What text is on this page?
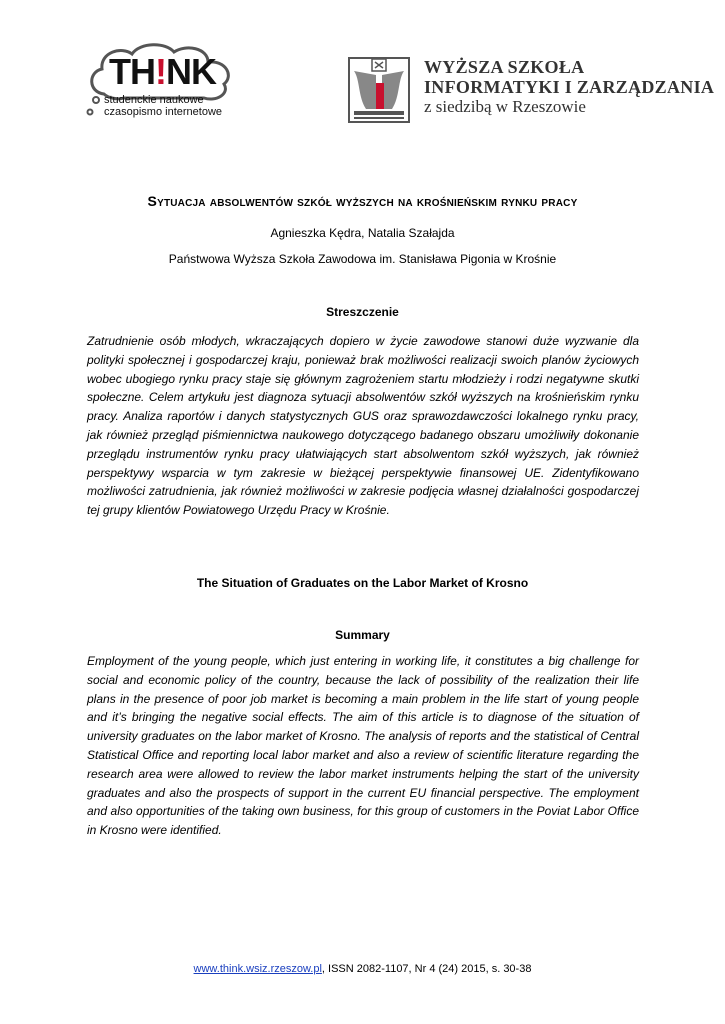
TH!NK
studenckie naukowe
czasopismo internetowe
WYŻSZA SZKOŁA
INFORMATYKI I ZARZĄDZANIA
z siedzibą w Rzeszowie
Sytuacja absolwentów szkół wyższych na krośnieńskim rynku pracy
Agnieszka Kędra, Natalia Szałajda
Państwowa Wyższa Szkoła Zawodowa im. Stanisława Pigonia w Krośnie
Streszczenie
Zatrudnienie osób młodych, wkraczających dopiero w życie zawodowe stanowi duże wyzwanie dla polityki społecznej i gospodarczej kraju, ponieważ brak możliwości realizacji swoich planów życiowych wobec ubogiego rynku pracy staje się głównym zagrożeniem startu młodzieży i rodzi negatywne skutki społeczne. Celem artykułu jest diagnoza sytuacji absolwentów szkół wyższych na krośnieńskim rynku pracy. Analiza raportów i danych statystycznych GUS oraz sprawozdawczości lokalnego rynku pracy, jak również przegląd piśmiennictwa naukowego dotyczącego badanego obszaru umożliwiły dokonanie przeglądu instrumentów rynku pracy ułatwiających start absolwentom szkół wyższych, jak również perspektywy wsparcia w tym zakresie w bieżącej perspektywie finansowej UE. Zidentyfikowano możliwości zatrudnienia, jak również możliwości w zakresie podjęcia własnej działalności gospodarczej tej grupy klientów Powiatowego Urzędu Pracy w Krośnie.
The Situation of Graduates on the Labor Market of Krosno
Summary
Employment of the young people, which just entering in working life, it constitutes a big challenge for social and economic policy of the country, because the lack of possibility of the realization their life plans in the presence of poor job market is becoming a main problem in the life start of young people and it’s bringing the negative social effects. The aim of this article is to diagnose of the situation of university graduates on the labor market of Krosno. The analysis of reports and the statistical of Central Statistical Office and reporting local labor market and also a review of scientific literature regarding the research area were allowed to review the labor market instruments helping the start of the university graduates and also the prospects of support in the current EU financial perspective. The employment and also opportunities of the taking own business, for this group of customers in the Poviat Labor Office in Krosno were identified.
www.think.wsiz.rzeszow.pl, ISSN 2082-1107, Nr 4 (24) 2015, s. 30-38
